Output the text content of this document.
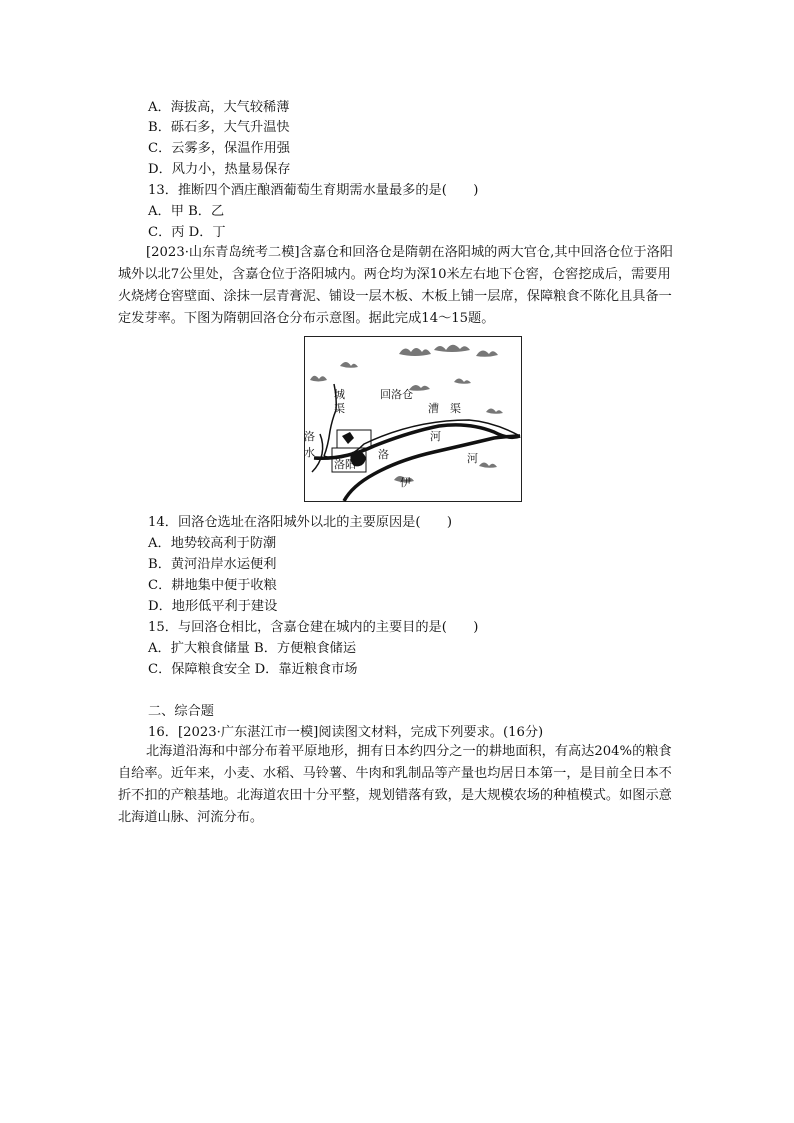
A．海拔高，大气较稀薄
B．砾石多，大气升温快
C．云雾多，保温作用强
D．风力小，热量易保存
13．推断四个酒庄酿酒葡萄生育期需水量最多的是(　　)
A．甲 B．乙
C．丙 D．丁
[2023·山东青岛统考二模]含嘉仓和回洛仓是隋朝在洛阳城的两大官仓,其中回洛仓位于洛阳城外以北7公里处，含嘉仓位于洛阳城内。两仓均为深10米左右地下仓窖，仓窖挖成后，需要用火烧烤仓窖壁面、涂抹一层青膏泥、铺设一层木板、木板上铺一层席，保障粮食不陈化且具备一定发芽率。下图为隋朝回洛仓分布示意图。据此完成14～15题。
城
渠
回洛仓
漕　渠
河
洛
水	洛	河
洛阳
伊
14．回洛仓选址在洛阳城外以北的主要原因是(　　)
A．地势较高利于防潮
B．黄河沿岸水运便利
C．耕地集中便于收粮
D．地形低平利于建设
15．与回洛仓相比，含嘉仓建在城内的主要目的是(　　)
A．扩大粮食储量 B．方便粮食储运
C．保障粮食安全 D．靠近粮食市场
二、综合题
16．[2023·广东湛江市一模]阅读图文材料，完成下列要求。(16分)
北海道沿海和中部分布着平原地形，拥有日本约四分之一的耕地面积，有高达204%的粮食自给率。近年来，小麦、水稻、马铃薯、牛肉和乳制品等产量也均居日本第一，是目前全日本不折不扣的产粮基地。北海道农田十分平整，规划错落有致，是大规模农场的种植模式。如图示意北海道山脉、河流分布。
